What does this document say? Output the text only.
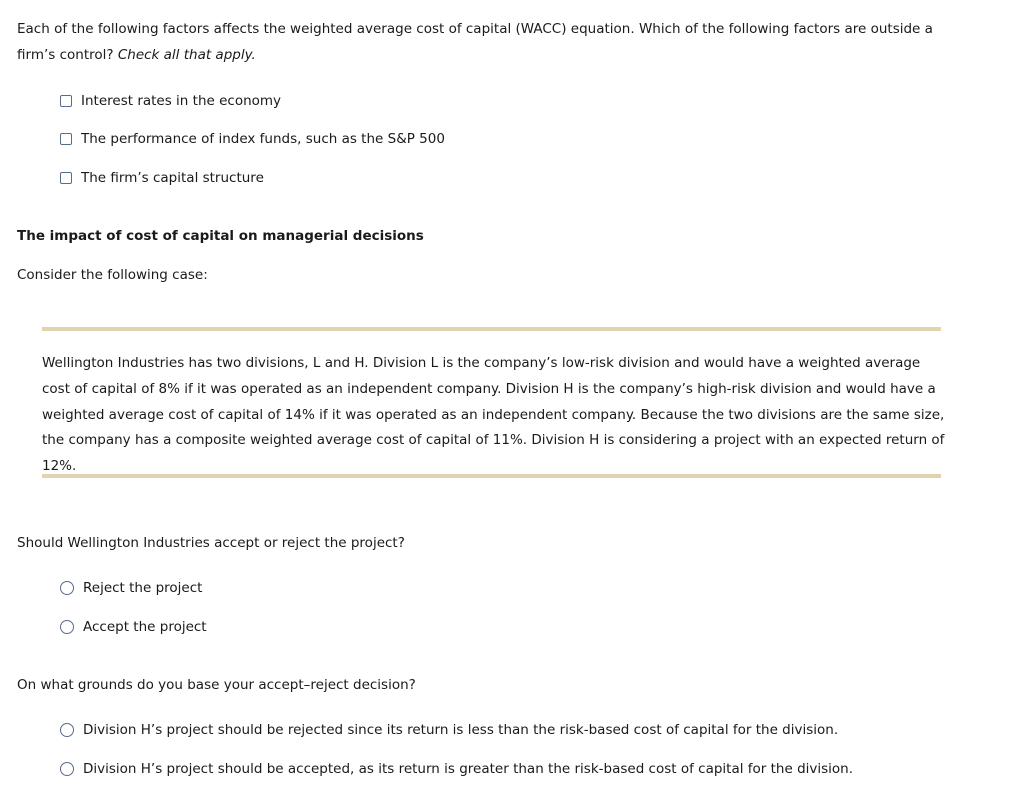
Each of the following factors affects the weighted average cost of capital (WACC) equation. Which of the following factors are outside a firm’s control? Check all that apply.
Interest rates in the economy
The performance of index funds, such as the S&P 500
The firm’s capital structure
The impact of cost of capital on managerial decisions
Consider the following case:
Wellington Industries has two divisions, L and H. Division L is the company’s low-risk division and would have a weighted average cost of capital of 8% if it was operated as an independent company. Division H is the company’s high-risk division and would have a weighted average cost of capital of 14% if it was operated as an independent company. Because the two divisions are the same size, the company has a composite weighted average cost of capital of 11%. Division H is considering a project with an expected return of 12%.
Should Wellington Industries accept or reject the project?
Reject the project
Accept the project
On what grounds do you base your accept–reject decision?
Division H’s project should be rejected since its return is less than the risk-based cost of capital for the division.
Division H’s project should be accepted, as its return is greater than the risk-based cost of capital for the division.
